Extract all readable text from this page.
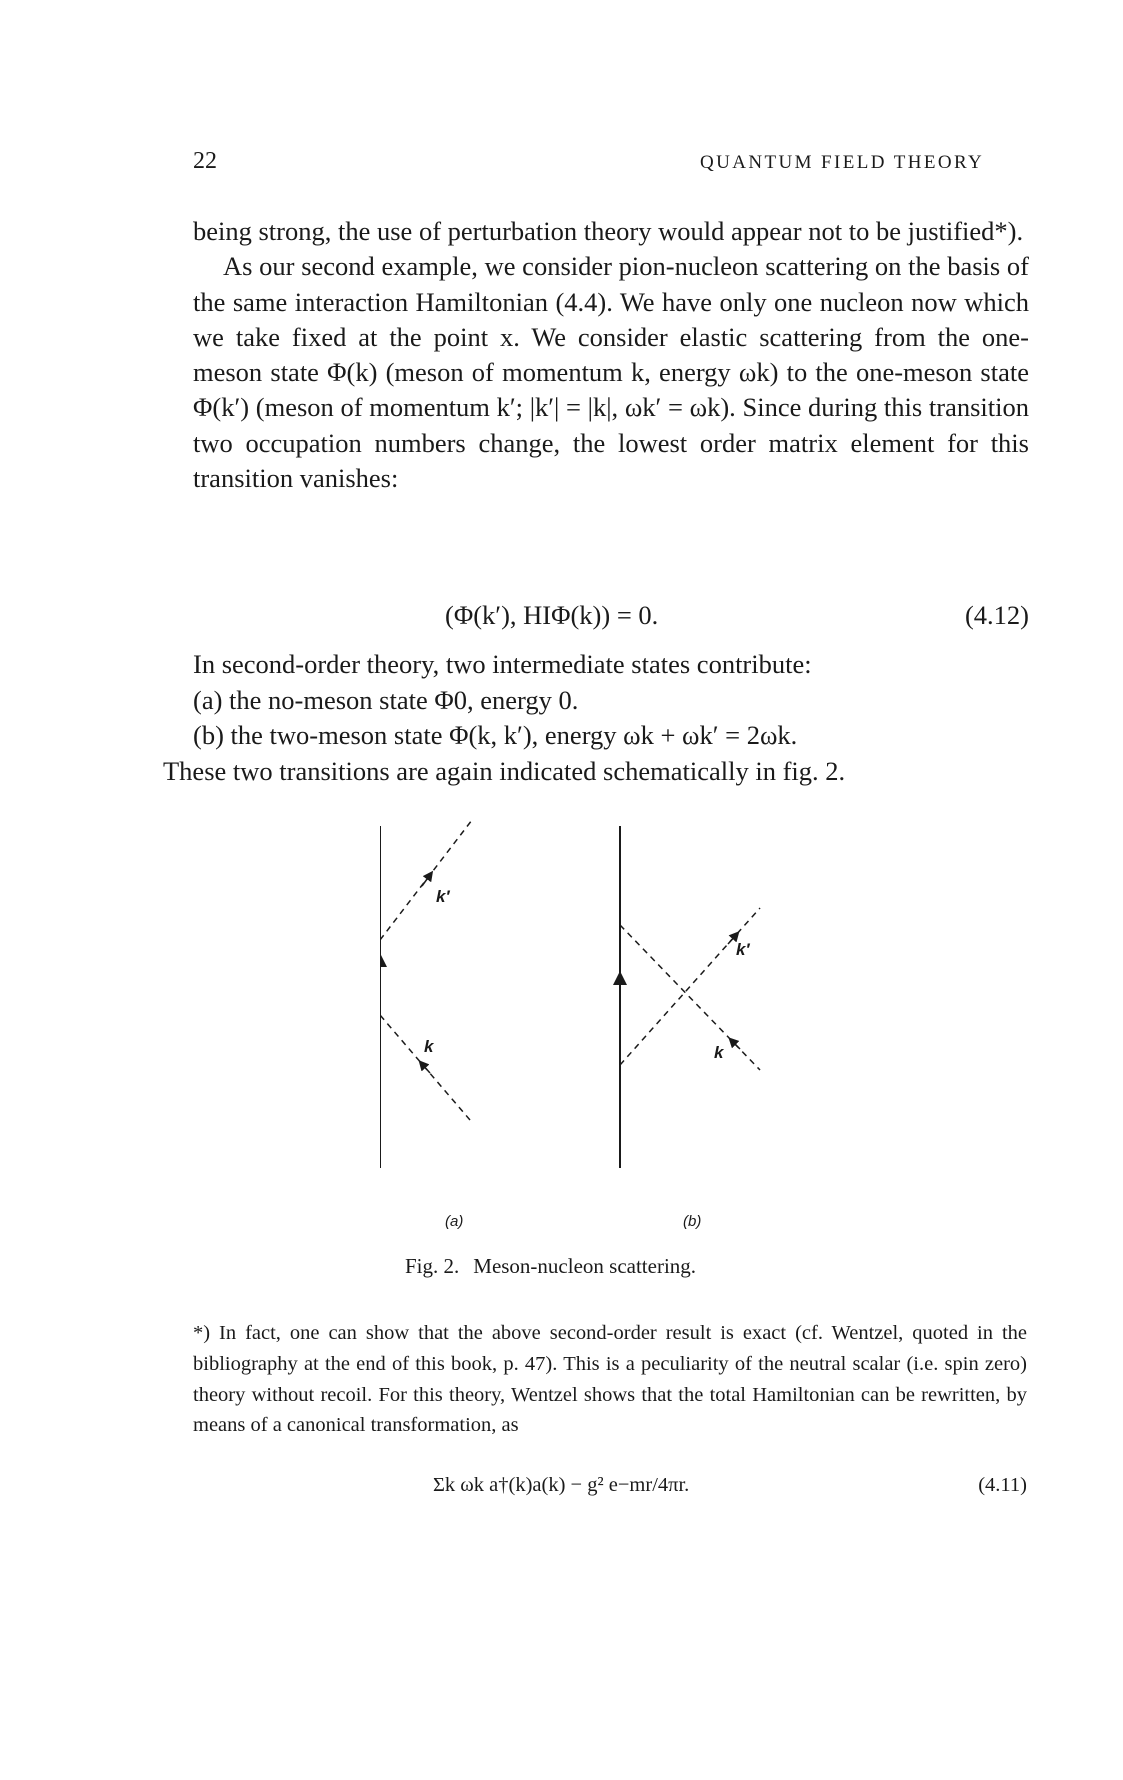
22	QUANTUM FIELD THEORY

being strong, the use of perturbation theory would appear not to be justified*).

As our second example, we consider pion-nucleon scattering on the basis of the same interaction Hamiltonian (4.4). We have only one nucleon now which we take fixed at the point x. We consider elastic scattering from the one-meson state Φ(k) (meson of momentum k, energy ωk) to the one-meson state Φ(k′) (meson of momentum k′; |k′| = |k|, ωk′ = ωk). Since during this transition two occupation numbers change, the lowest order matrix element for this transition vanishes:

(Φ(k′), HIΦ(k)) = 0.	(4.12)
In second-order theory, two intermediate states contribute:
(a) the no-meson state Φ0, energy 0.
(b) the two-meson state Φ(k, k′), energy ωk + ωk′ = 2ωk.
These two transitions are again indicated schematically in fig. 2.
k
k′
k′
k
(a)	(b)
Fig. 2. Meson-nucleon scattering.

*) In fact, one can show that the above second-order result is exact (cf. Wentzel, quoted in the bibliography at the end of this book, p. 47). This is a peculiarity of the neutral scalar (i.e. spin zero) theory without recoil. For this theory, Wentzel shows that the total Hamiltonian can be rewritten, by means of a canonical transformation, as

Σk ωk a†(k)a(k) − g² e−mr/4πr.	(4.11)
